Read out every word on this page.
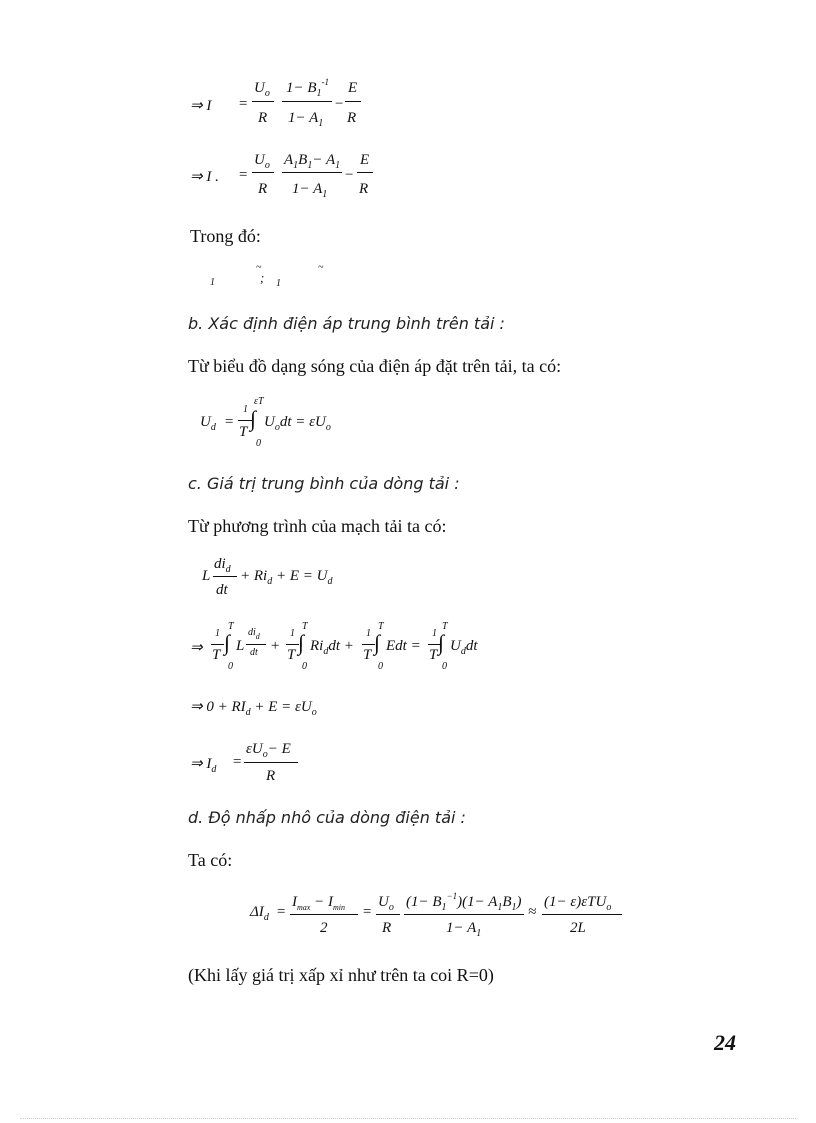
⇒ I =
$U_o$
R
$1- B_1^{-1}$
$1- A_1$
−
E
R
⇒ I . =
$U_o$
R
$A_1B_1- A_1$
$1- A_1$
−
E
R
Trong đó:
1
~
; 1
~
b. Xác định điện áp trung bình trên tải :
Từ biểu đồ dạng sóng của điện áp đặt trên tải, ta có:
$U_d$ =
1
T
εT
∫
0
$U_odt = \varepsilon U_o$
c. Giá trị trung bình của dòng tải :
Từ phương trình của mạch tải ta có:
L
$di_d$
dt
+ $Ri_d + E = U_d$
⇒
1
T
T
∫
0
L
$di_d$
dt +
1
T
T
∫
0
$Ri_ddt$ +
1
T
T
∫
0
Edt =
1
T
T
∫
0
$U_ddt$
⇒ $0 + RI_d + E = \varepsilon U_o$
⇒ $I_d$ =
$\varepsilon U_o- E$
R
d. Độ nhấp nhô của dòng điện tải :
Ta có:
$\Delta I_d$ =
$I_{max} - I_{min}$
2
=
$U_o$
R
$(1- B_1^{-1})(1- A_1B_1)$
$1- A_1$
≈
(1− ε)εTU$_o$
2L
(Khi lấy giá trị xấp xỉ như trên ta coi R=0)
24
